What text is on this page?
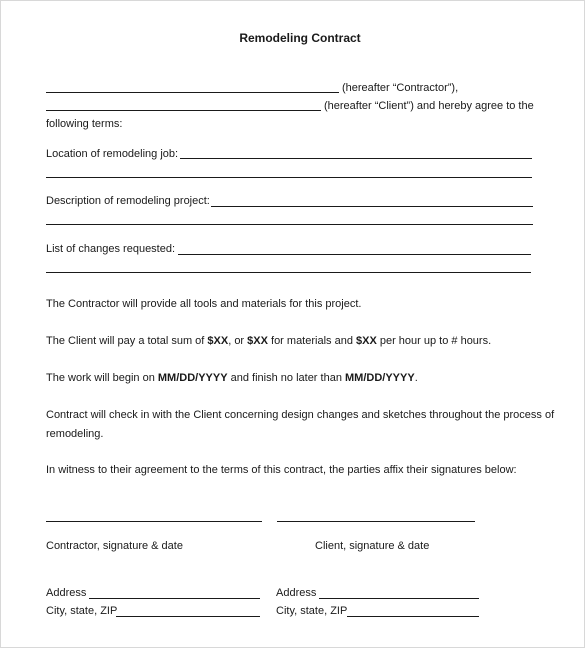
Remodeling Contract
(hereafter “Contractor”),
(hereafter “Client”) and hereby agree to the
following terms:
Location of remodeling job:
Description of remodeling project:
List of changes requested:
The Contractor will provide all tools and materials for this project.
The Client will pay a total sum of $XX, or $XX for materials and $XX per hour up to # hours.
The work will begin on MM/DD/YYYY and finish no later than MM/DD/YYYY.
Contract will check in with the Client concerning design changes and sketches throughout the process of
remodeling.
In witness to their agreement to the terms of this contract, the parties affix their signatures below:
Contractor, signature & date	Client, signature & date
Address	Address
City, state, ZIP	City, state, ZIP
